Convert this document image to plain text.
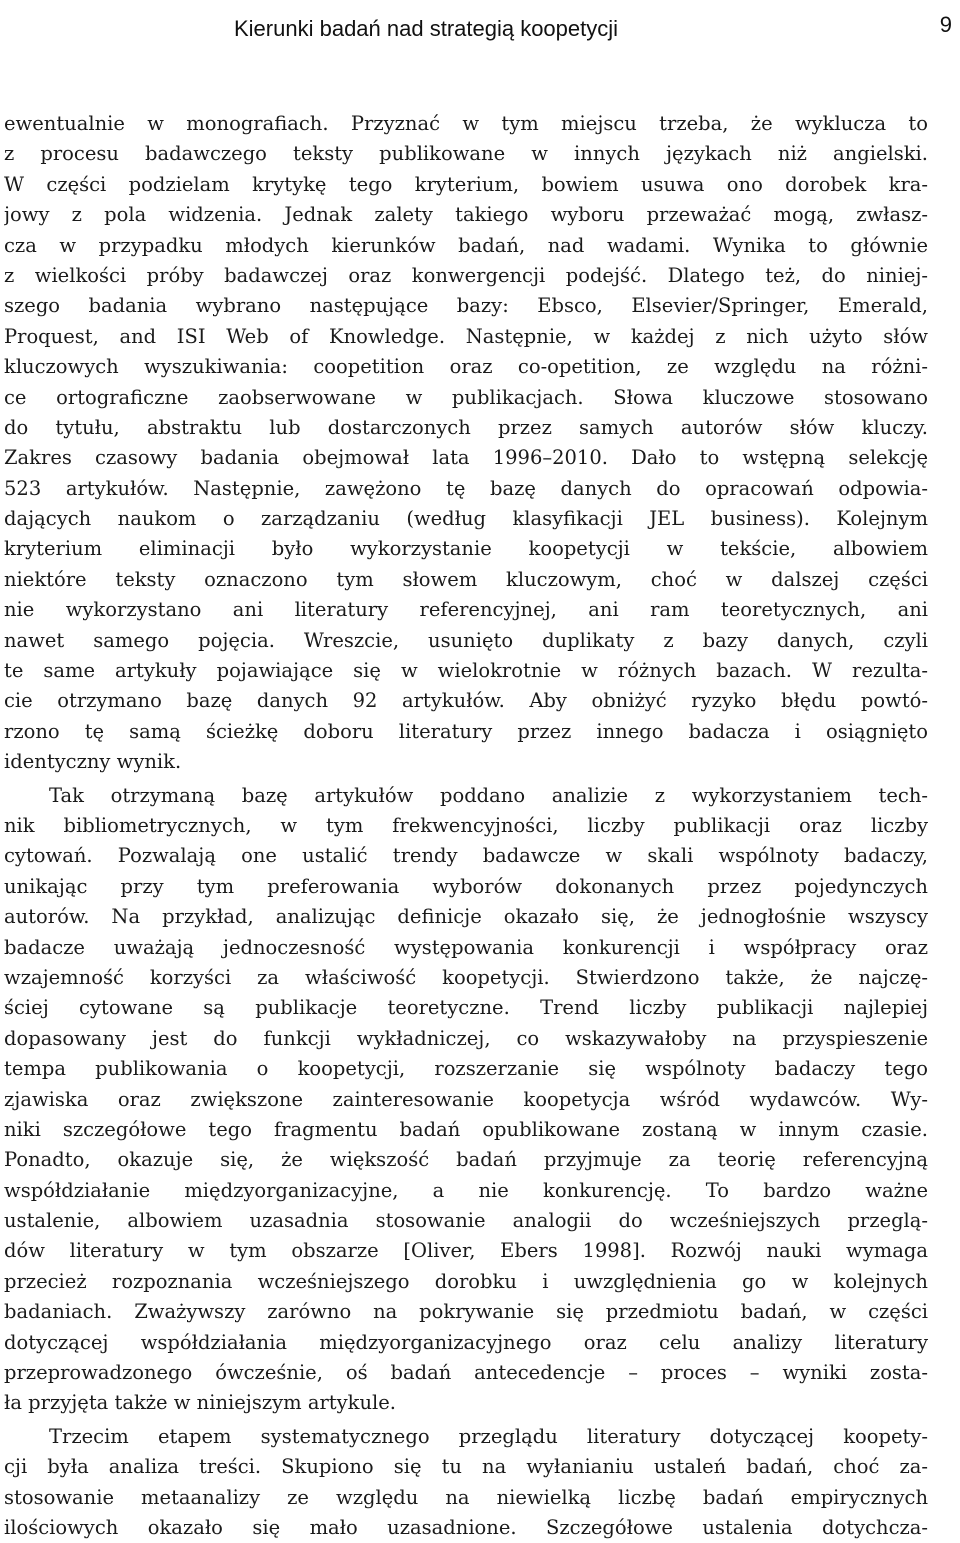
Kierunki badań nad strategią koopetycji	9
ewentualnie w monografiach. Przyznać w tym miejscu trzeba, że wyklucza to
z procesu badawczego teksty publikowane w innych językach niż angielski.
W części podzielam krytykę tego kryterium, bowiem usuwa ono dorobek kra-
jowy z pola widzenia. Jednak zalety takiego wyboru przeważać mogą, zwłasz-
cza w przypadku młodych kierunków badań, nad wadami. Wynika to głównie
z wielkości próby badawczej oraz konwergencji podejść. Dlatego też, do niniej-
szego badania wybrano następujące bazy: Ebsco, Elsevier/Springer, Emerald,
Proquest, and ISI Web of Knowledge. Następnie, w każdej z nich użyto słów
kluczowych wyszukiwania: coopetition oraz co-opetition, ze względu na różni-
ce ortograficzne zaobserwowane w publikacjach. Słowa kluczowe stosowano
do tytułu, abstraktu lub dostarczonych przez samych autorów słów kluczy.
Zakres czasowy badania obejmował lata 1996–2010. Dało to wstępną selekcję
523 artykułów. Następnie, zawężono tę bazę danych do opracowań odpowia-
dających naukom o zarządzaniu (według klasyfikacji JEL business). Kolejnym
kryterium eliminacji było wykorzystanie koopetycji w tekście, albowiem
niektóre teksty oznaczono tym słowem kluczowym, choć w dalszej części
nie wykorzystano ani literatury referencyjnej, ani ram teoretycznych, ani
nawet samego pojęcia. Wreszcie, usunięto duplikaty z bazy danych, czyli
te same artykuły pojawiające się w wielokrotnie w różnych bazach. W rezulta-
cie otrzymano bazę danych 92 artykułów. Aby obniżyć ryzyko błędu powtó-
rzono tę samą ścieżkę doboru literatury przez innego badacza i osiągnięto
identyczny wynik.
Tak otrzymaną bazę artykułów poddano analizie z wykorzystaniem tech-
nik bibliometrycznych, w tym frekwencyjności, liczby publikacji oraz liczby
cytowań. Pozwalają one ustalić trendy badawcze w skali wspólnoty badaczy,
unikając przy tym preferowania wyborów dokonanych przez pojedynczych
autorów. Na przykład, analizując definicje okazało się, że jednogłośnie wszyscy
badacze uważają jednoczesność występowania konkurencji i współpracy oraz
wzajemność korzyści za właściwość koopetycji. Stwierdzono także, że najczę-
ściej cytowane są publikacje teoretyczne. Trend liczby publikacji najlepiej
dopasowany jest do funkcji wykładniczej, co wskazywałoby na przyspieszenie
tempa publikowania o koopetycji, rozszerzanie się wspólnoty badaczy tego
zjawiska oraz zwiększone zainteresowanie koopetycja wśród wydawców. Wy-
niki szczegółowe tego fragmentu badań opublikowane zostaną w innym czasie.
Ponadto, okazuje się, że większość badań przyjmuje za teorię referencyjną
współdziałanie międzyorganizacyjne, a nie konkurencję. To bardzo ważne
ustalenie, albowiem uzasadnia stosowanie analogii do wcześniejszych przeglą-
dów literatury w tym obszarze [Oliver, Ebers 1998]. Rozwój nauki wymaga
przecież rozpoznania wcześniejszego dorobku i uwzględnienia go w kolejnych
badaniach. Zważywszy zarówno na pokrywanie się przedmiotu badań, w części
dotyczącej współdziałania międzyorganizacyjnego oraz celu analizy literatury
przeprowadzonego ówcześnie, oś badań antecedencje – proces – wyniki zosta-
ła przyjęta także w niniejszym artykule.
Trzecim etapem systematycznego przeglądu literatury dotyczącej koopety-
cji była analiza treści. Skupiono się tu na wyłanianiu ustaleń badań, choć za-
stosowanie metaanalizy ze względu na niewielką liczbę badań empirycznych
ilościowych okazało się mało uzasadnione. Szczegółowe ustalenia dotychcza-
